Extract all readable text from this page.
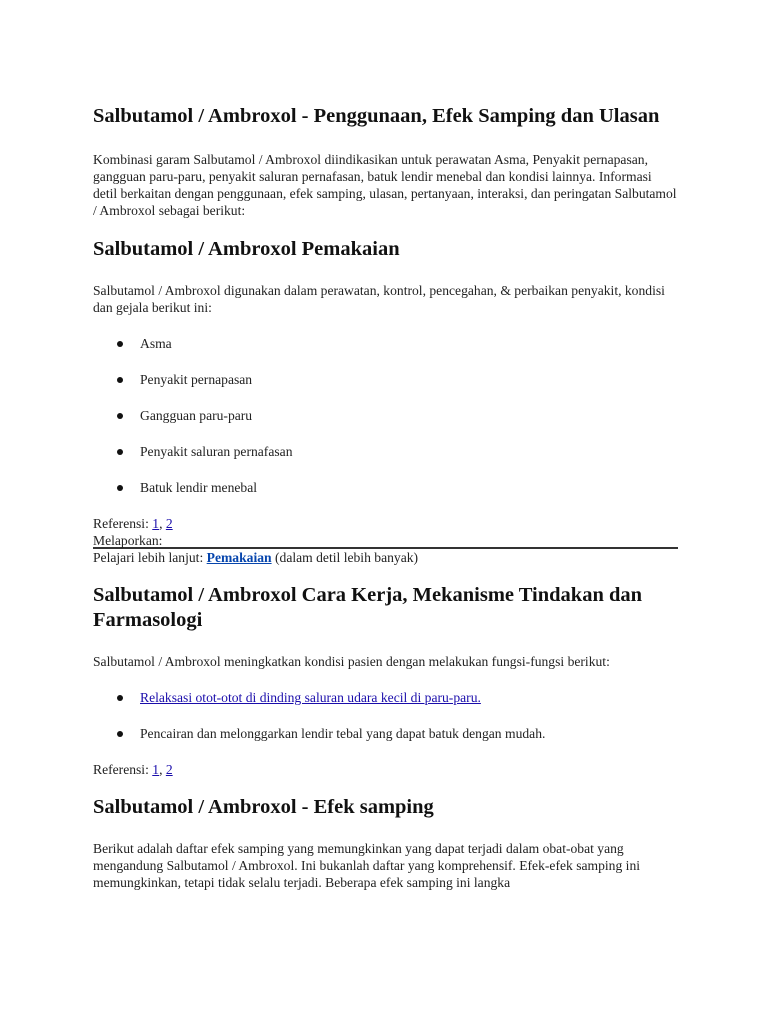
Salbutamol / Ambroxol - Penggunaan, Efek Samping dan Ulasan

Kombinasi garam Salbutamol / Ambroxol diindikasikan untuk perawatan Asma, Penyakit pernapasan, gangguan paru-paru, penyakit saluran pernafasan, batuk lendir menebal dan kondisi lainnya. Informasi detil berkaitan dengan penggunaan, efek samping, ulasan, pertanyaan, interaksi, dan peringatan Salbutamol / Ambroxol sebagai berikut:

Salbutamol / Ambroxol Pemakaian

Salbutamol / Ambroxol digunakan dalam perawatan, kontrol, pencegahan, & perbaikan penyakit, kondisi dan gejala berikut ini:

Asma
Penyakit pernapasan
Gangguan paru-paru
Penyakit saluran pernafasan
Batuk lendir menebal
Referensi: 1, 2
Melaporkan:
Pelajari lebih lanjut: Pemakaian (dalam detil lebih banyak)
Salbutamol / Ambroxol Cara Kerja, Mekanisme Tindakan dan Farmasologi

Salbutamol / Ambroxol meningkatkan kondisi pasien dengan melakukan fungsi-fungsi berikut:

Relaksasi otot-otot di dinding saluran udara kecil di paru-paru.
Pencairan dan melonggarkan lendir tebal yang dapat batuk dengan mudah.
Referensi: 1, 2
Salbutamol / Ambroxol - Efek samping

Berikut adalah daftar efek samping yang memungkinkan yang dapat terjadi dalam obat-obat yang mengandung Salbutamol / Ambroxol. Ini bukanlah daftar yang komprehensif. Efek-efek samping ini memungkinkan, tetapi tidak selalu terjadi. Beberapa efek samping ini langka
